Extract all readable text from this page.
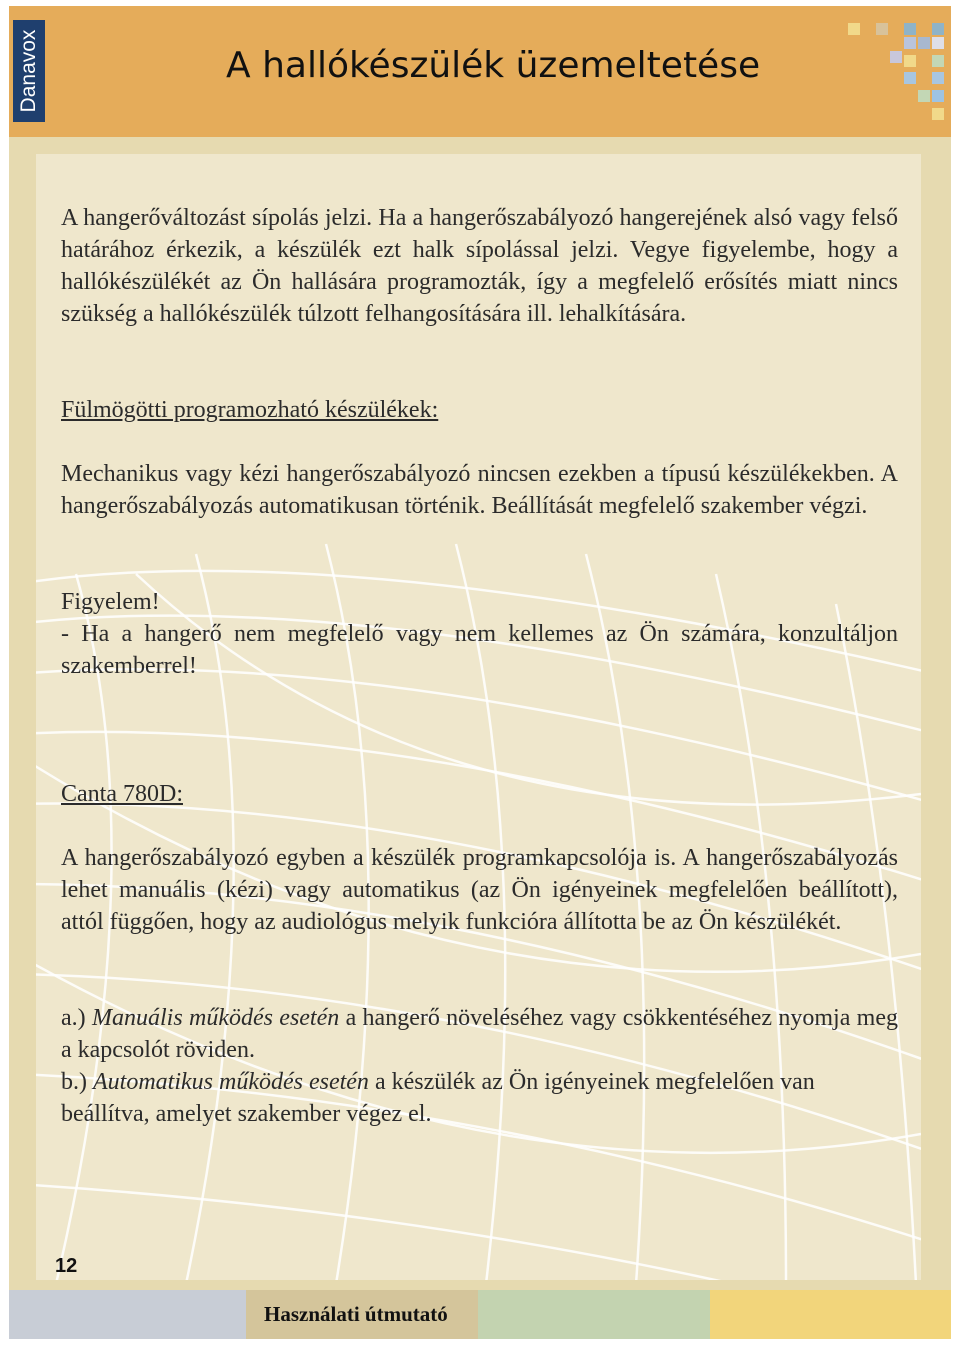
Danavox	A hallókészülék üzemeltetése

A hangerőváltozást sípolás jelzi. Ha a hangerőszabályozó hangerejének alsó vagy felső határához érkezik, a készülék ezt halk sípolással jelzi. Vegye figyelembe, hogy a hallókészülékét az Ön hallására programozták, így a megfelelő erősítés miatt nincs szükség a hallókészülék túlzott felhangosítására ill. lehalkítására.

Fülmögötti programozható készülékek:

Mechanikus vagy kézi hangerőszabályozó nincsen ezekben a típusú készülékekben. A hangerőszabályozás automatikusan történik. Beállítását megfelelő szakember végzi.

Figyelem!

- Ha a hangerő nem megfelelő vagy nem kellemes az Ön számára, konzultáljon szakemberrel!

Canta 780D:

A hangerőszabályozó egyben a készülék programkapcsolója is. A hangerőszabályozás lehet manuális (kézi) vagy automatikus (az Ön igényeinek megfelelően beállított), attól függően, hogy az audiológus melyik funkcióra állította be az Ön készülékét.

a.) Manuális működés esetén a hangerő növeléséhez vagy csökkentéséhez nyomja meg a kapcsolót röviden.

b.) Automatikus működés esetén a készülék az Ön igényeinek megfelelően van beállítva, amelyet szakember végez el.

12
Használati útmutató
